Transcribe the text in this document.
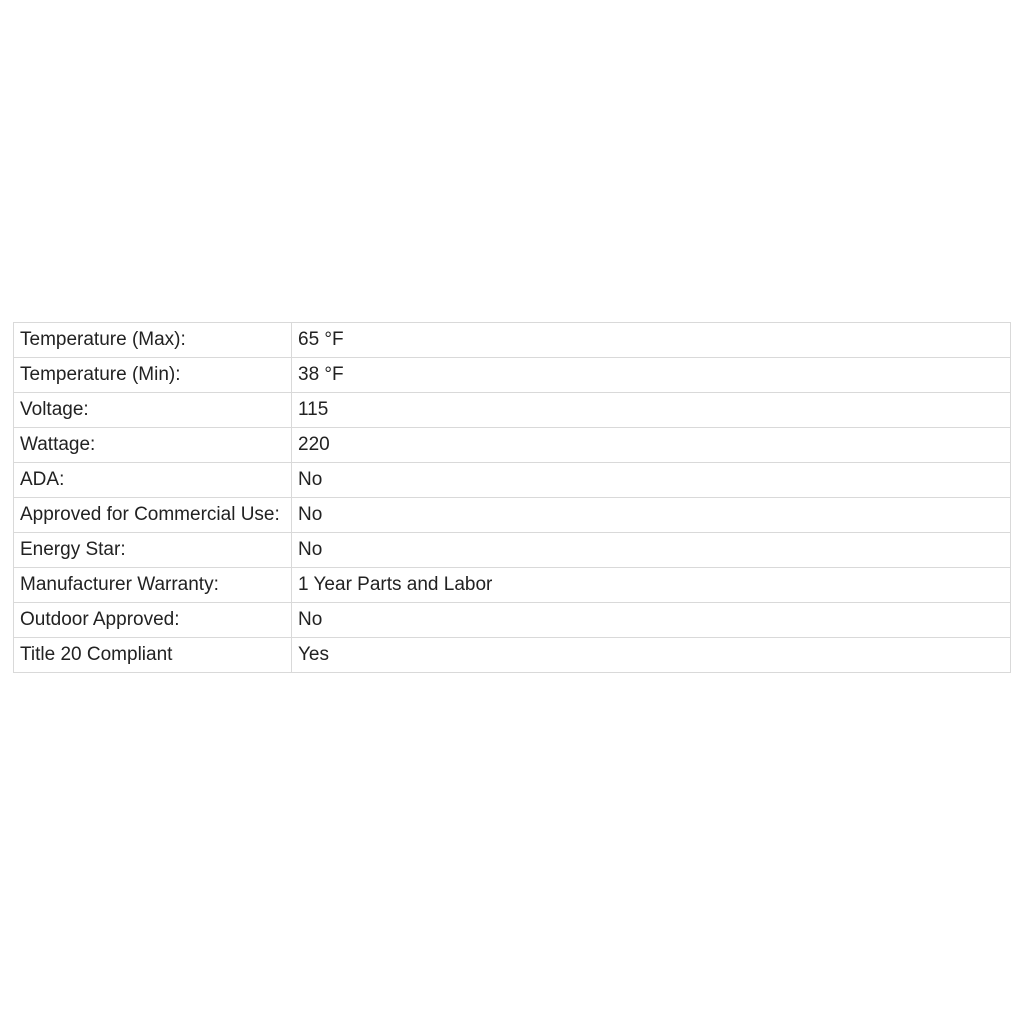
Temperature (Max):	65 °F
Temperature (Min):	38 °F
Voltage:	115
Wattage:	220
ADA:	No
Approved for Commercial Use:	No
Energy Star:	No
Manufacturer Warranty:	1 Year Parts and Labor
Outdoor Approved:	No
Title 20 Compliant	Yes
